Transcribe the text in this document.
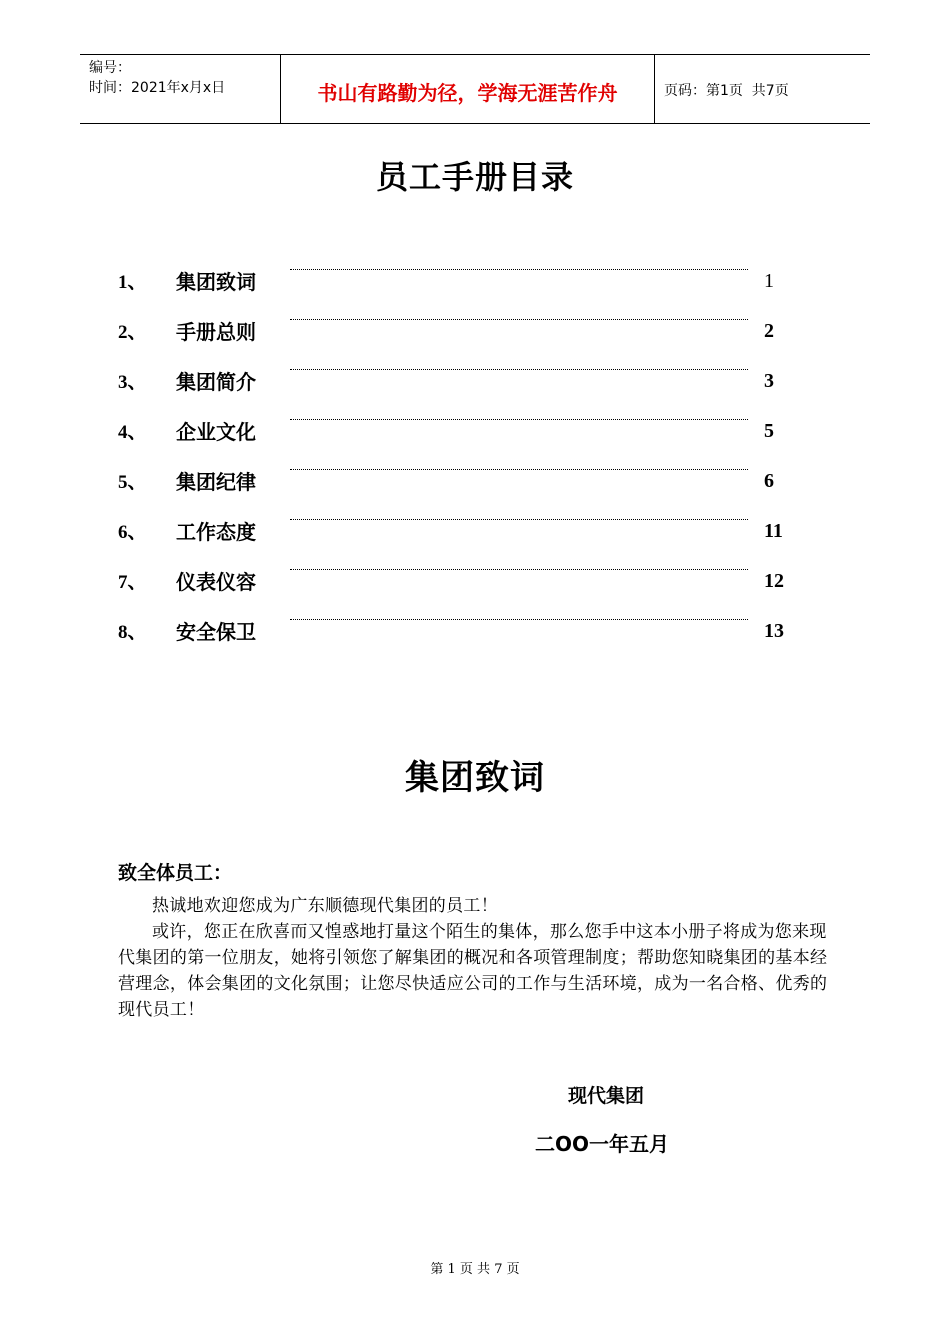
编号：
时间：2021年x月x日	书山有路勤为径，学海无涯苦作舟	页码：第1页  共7页
员工手册目录
1、	集团致词	1
2、	手册总则	2
3、	集团简介	3
4、	企业文化	5
5、	集团纪律	6
6、	工作态度	11
7、	仪表仪容	12
8、	安全保卫	13
集团致词
致全体员工：

热诚地欢迎您成为广东顺德现代集团的员工！

或许，您正在欣喜而又惶惑地打量这个陌生的集体，那么您手中这本小册子将成为您来现代集团的第一位朋友，她将引领您了解集团的概况和各项管理制度；帮助您知晓集团的基本经营理念，体会集团的文化氛围；让您尽快适应公司的工作与生活环境，成为一名合格、优秀的现代员工！

现代集团
二OO一年五月
第 1 页 共 7 页
